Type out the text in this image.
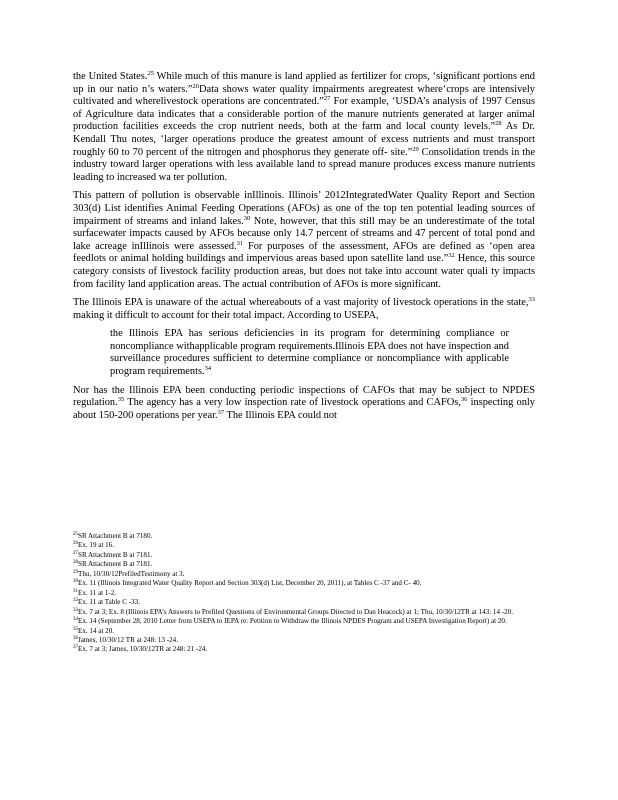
the United States.$^{25}$ While much of this manure is land applied as fertilizer for crops, ‘significant portions end up in our natio n’s waters.”$^{26}$Data shows water quality impairments aregreatest where‘crops are intensively cultivated and wherelivestock operations are concentrated.”$^{27}$ For example, ‘USDA’s analysis of 1997 Census of Agriculture data indicates that a considerable portion of the manure nutrients generated at larger animal production facilities exceeds the crop nutrient needs, both at the farm and local county levels.”$^{28}$ As Dr. Kendall Thu notes, ‘larger operations produce the greatest amount of excess nutrients and must transport roughly 60 to 70 percent of the nitrogen and phosphorus they generate off- site.”$^{29}$ Consolidation trends in the industry toward larger operations with less available land to spread manure produces excess manure nutrients leading to increased wa ter pollution.

This pattern of pollution is observable inIllinois. Illinois’ 2012IntegratedWater Quality Report and Section 303(d) List identifies Animal Feeding Operations (AFOs) as one of the top ten potential leading sources of impairment of streams and inland lakes.$^{30}$ Note, however, that this still may be an underestimate of the total surfacewater impacts caused by AFOs because only 14.7 percent of streams and 47 percent of total pond and lake acreage inIllinois were assessed.$^{31}$ For purposes of the assessment, AFOs are defined as ‘open area feedlots or animal holding buildings and impervious areas based upon satellite land use.”$^{32}$ Hence, this source category consists of livestock facility production areas, but does not take into account water quali ty impacts from facility land application areas. The actual contribution of AFOs is more significant.

The Illinois EPA is unaware of the actual whereabouts of a vast majority of livestock operations in the state,$^{33}$ making it difficult to account for their total impact. According to USEPA,

the Illinois EPA has serious deficiencies in its program for determining compliance or noncompliance withapplicable program requirements.Illinois EPA does not have inspection and surveillance procedures sufficient to determine compliance or noncompliance with applicable program requirements.$^{34}$

Nor has the Illinois EPA been conducting periodic inspections of CAFOs that may be subject to NPDES regulation.$^{35}$ The agency has a very low inspection rate of livestock operations and CAFOs,$^{36}$ inspecting only about 150-200 operations per year.$^{37}$ The Illinois EPA could not

$^{25}$SR Attachment B at 7180.

$^{26}$Ex. 19 at 16.

$^{27}$SR Attachment B at 7181.

$^{28}$SR Attachment B at 7181.

$^{29}$Thu, 10/30/12PrefiledTestimony at 3.

$^{30}$Ex. 11 (Illinois Integrated Water Quality Report and Section 303(d) List, December 20, 2011), at Tables C -37 and C- 40.

$^{31}$Ex. 11 at 1-2.

$^{32}$Ex. 11 at Table C -33.

$^{33}$Ex. 7 at 3; Ex. 8 (Illinois EPA’s Answers to Prefiled Questions of Environmental Groups Directed to Dan Heacock) at 1; Thu, 10/30/12TR at 143: 14 -20.

$^{34}$Ex. 14 (September 28, 2010 Letter from USEPA to IEPA re: Petition to Withdraw the Illinois NPDES Program and USEPA Investigation Report) at 20.

$^{35}$Ex. 14 at 20.

$^{36}$James, 10/30/12 TR at 248: 13 -24.

$^{37}$Ex. 7 at 3; James, 10/30/12TR at 248: 21 -24.
